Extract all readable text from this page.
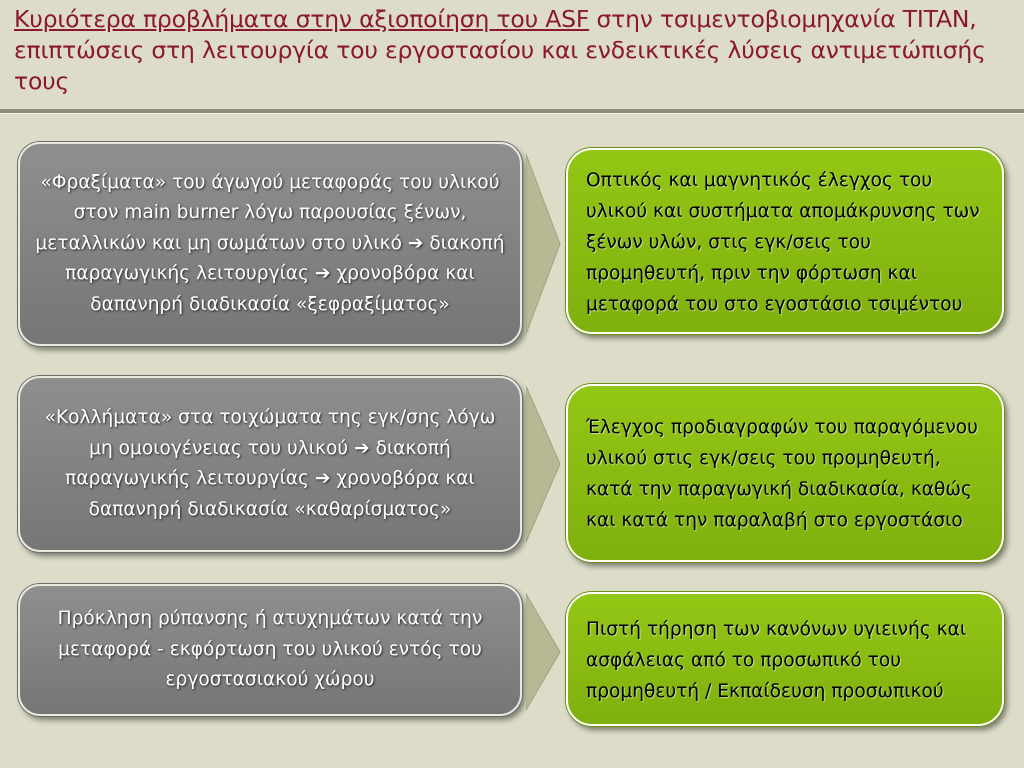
Κυριότερα προβλήματα στην αξιοποίηση του ASF στην τσιμεντοβιομηχανία TITAN, επιπτώσεις στη λειτουργία του εργοστασίου και ενδεικτικές λύσεις αντιμετώπισής τους
«Φραξίματα» του άγωγού μεταφοράς του υλικού στον main burner λόγω παρουσίας ξένων, μεταλλικών και μη σωμάτων στο υλικό ➔ διακοπή παραγωγικής λειτουργίας ➔ χρονοβόρα και δαπανηρή διαδικασία «ξεφραξίματος»
Οπτικός και μαγνητικός έλεγχος του υλικού και συστήματα απομάκρυνσης των ξένων υλών, στις εγκ/σεις του προμηθευτή, πριν την φόρτωση και μεταφορά του στο εγοστάσιο τσιμέντου
«Κολλήματα» στα τοιχώματα της εγκ/σης λόγω μη ομοιογένειας του υλικού ➔ διακοπή παραγωγικής λειτουργίας ➔ χρονοβόρα και δαπανηρή διαδικασία «καθαρίσματος»
Έλεγχος προδιαγραφών του παραγόμενου υλικού στις εγκ/σεις του προμηθευτή, κατά την παραγωγική διαδικασία, καθώς και κατά την παραλαβή στο εργοστάσιο
Πρόκληση ρύπανσης ή ατυχημάτων κατά την μεταφορά - εκφόρτωση του υλικού εντός του εργοστασιακού χώρου
Πιστή τήρηση των κανόνων υγιεινής και ασφάλειας από το προσωπικό του προμηθευτή / Εκπαίδευση προσωπικού
